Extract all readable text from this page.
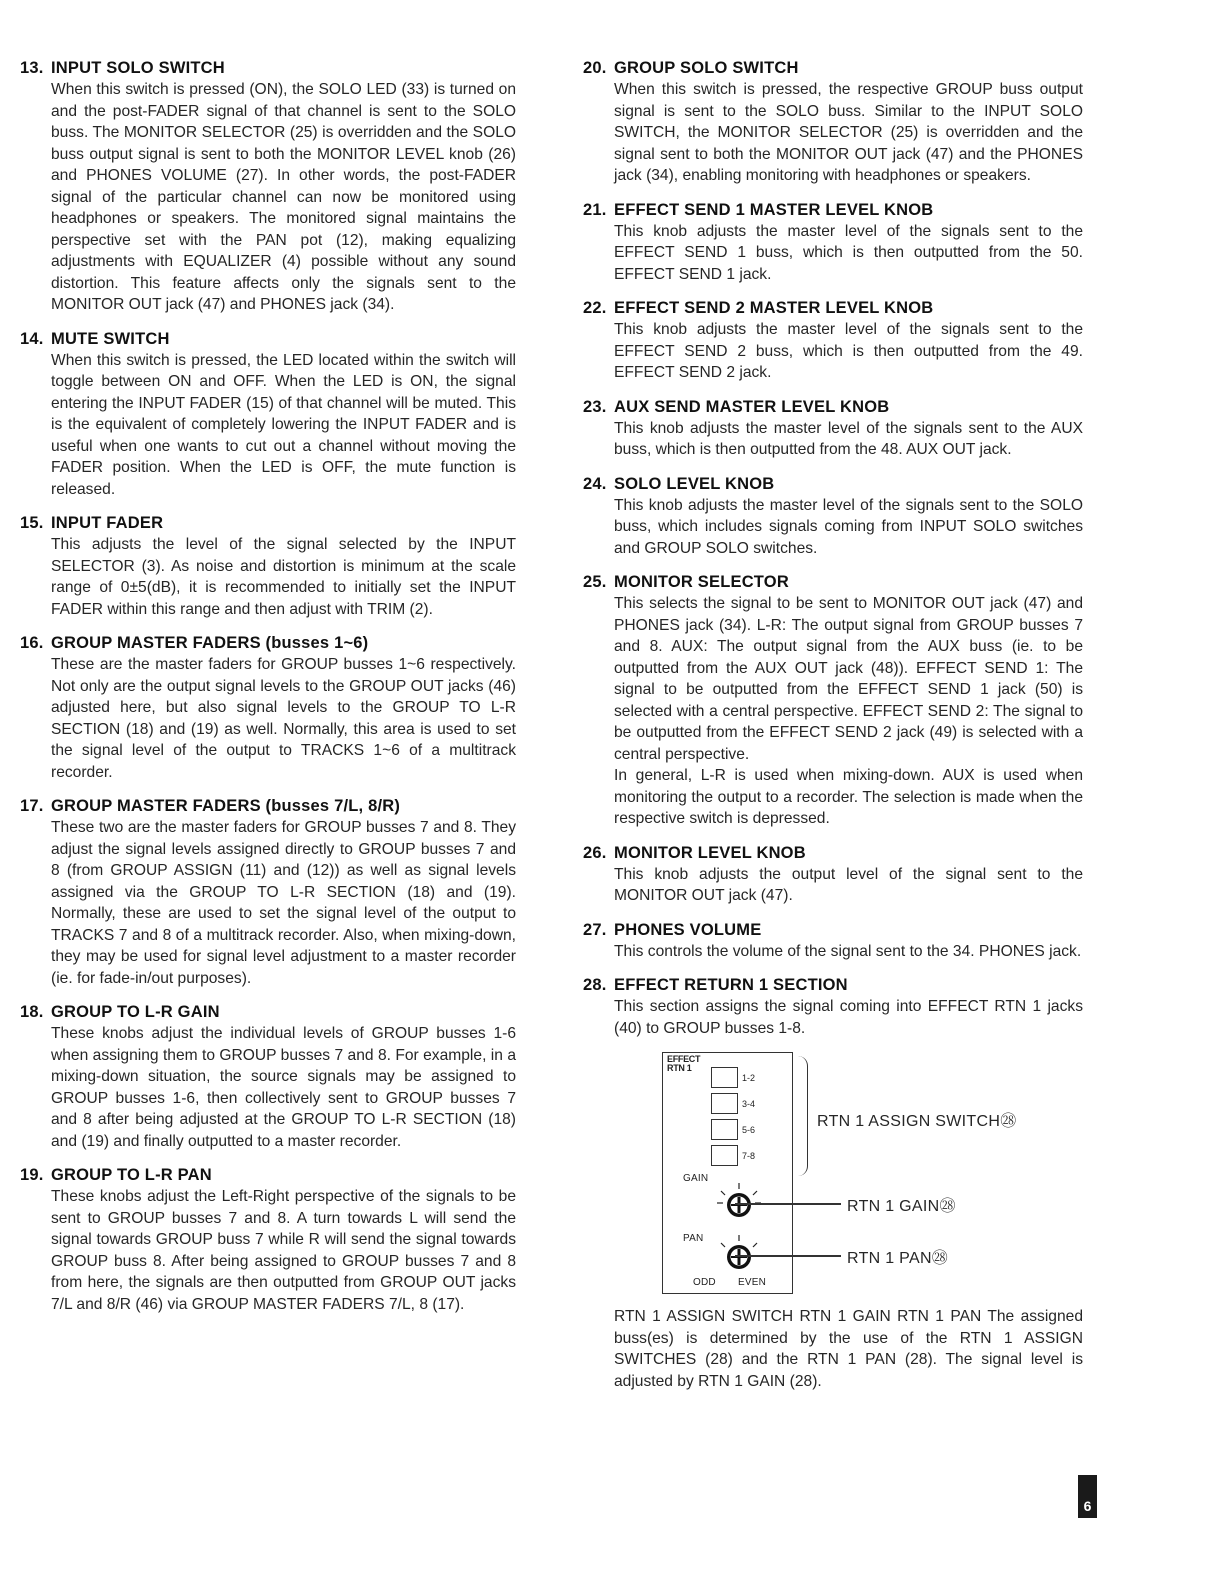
13. INPUT SOLO SWITCH

When this switch is pressed (ON), the SOLO LED (33) is turned on and the post-FADER signal of that channel is sent to the SOLO buss. The MONITOR SELECTOR (25) is overridden and the SOLO buss output signal is sent to both the MONITOR LEVEL knob (26) and PHONES VOLUME (27). In other words, the post-FADER signal of the particular channel can now be monitored using headphones or speakers. The monitored signal maintains the perspective set with the PAN pot (12), making equalizing adjustments with EQUALIZER (4) possible without any sound distortion. This feature affects only the signals sent to the MONITOR OUT jack (47) and PHONES jack (34).

14. MUTE SWITCH

When this switch is pressed, the LED located within the switch will toggle between ON and OFF. When the LED is ON, the signal entering the INPUT FADER (15) of that channel will be muted. This is the equivalent of completely lowering the INPUT FADER and is useful when one wants to cut out a channel without moving the FADER position. When the LED is OFF, the mute function is released.

15. INPUT FADER

This adjusts the level of the signal selected by the INPUT SELECTOR (3). As noise and distortion is minimum at the scale range of 0±5(dB), it is recommended to initially set the INPUT FADER within this range and then adjust with TRIM (2).

16. GROUP MASTER FADERS (busses 1~6)

These are the master faders for GROUP busses 1~6 respectively. Not only are the output signal levels to the GROUP OUT jacks (46) adjusted here, but also signal levels to the GROUP TO L-R SECTION (18) and (19) as well. Normally, this area is used to set the signal level of the output to TRACKS 1~6 of a multitrack recorder.

17. GROUP MASTER FADERS (busses 7/L, 8/R)

These two are the master faders for GROUP busses 7 and 8. They adjust the signal levels assigned directly to GROUP busses 7 and 8 (from GROUP ASSIGN (11) and (12)) as well as signal levels assigned via the GROUP TO L-R SECTION (18) and (19). Normally, these are used to set the signal level of the output to TRACKS 7 and 8 of a multitrack recorder. Also, when mixing-down, they may be used for signal level adjustment to a master recorder (ie. for fade-in/out purposes).

18. GROUP TO L-R GAIN

These knobs adjust the individual levels of GROUP busses 1-6 when assigning them to GROUP busses 7 and 8. For example, in a mixing-down situation, the source signals may be assigned to GROUP busses 1-6, then collectively sent to GROUP busses 7 and 8 after being adjusted at the GROUP TO L-R SECTION (18) and (19) and finally outputted to a master recorder.

19. GROUP TO L-R PAN

These knobs adjust the Left-Right perspective of the signals to be sent to GROUP busses 7 and 8. A turn towards L will send the signal towards GROUP buss 7 while R will send the signal towards GROUP buss 8. After being assigned to GROUP busses 7 and 8 from here, the signals are then outputted from GROUP OUT jacks 7/L and 8/R (46) via GROUP MASTER FADERS 7/L, 8 (17).

20. GROUP SOLO SWITCH

When this switch is pressed, the respective GROUP buss output signal is sent to the SOLO buss. Similar to the INPUT SOLO SWITCH, the MONITOR SELECTOR (25) is overridden and the signal sent to both the MONITOR OUT jack (47) and the PHONES jack (34), enabling monitoring with headphones or speakers.

21. EFFECT SEND 1 MASTER LEVEL KNOB

This knob adjusts the master level of the signals sent to the EFFECT SEND 1 buss, which is then outputted from the 50. EFFECT SEND 1 jack.

22. EFFECT SEND 2 MASTER LEVEL KNOB

This knob adjusts the master level of the signals sent to the EFFECT SEND 2 buss, which is then outputted from the 49. EFFECT SEND 2 jack.

23. AUX SEND MASTER LEVEL KNOB

This knob adjusts the master level of the signals sent to the AUX buss, which is then outputted from the 48. AUX OUT jack.

24. SOLO LEVEL KNOB

This knob adjusts the master level of the signals sent to the SOLO buss, which includes signals coming from INPUT SOLO switches and GROUP SOLO switches.

25. MONITOR SELECTOR

This selects the signal to be sent to MONITOR OUT jack (47) and PHONES jack (34). L-R: The output signal from GROUP busses 7 and 8. AUX: The output signal from the AUX buss (ie. to be outputted from the AUX OUT jack (48)). EFFECT SEND 1: The signal to be outputted from the EFFECT SEND 1 jack (50) is selected with a central perspective. EFFECT SEND 2: The signal to be outputted from the EFFECT SEND 2 jack (49) is selected with a central perspective.

In general, L-R is used when mixing-down. AUX is used when monitoring the output to a recorder. The selection is made when the respective switch is depressed.

26. MONITOR LEVEL KNOB

This knob adjusts the output level of the signal sent to the MONITOR OUT jack (47).

27. PHONES VOLUME

This controls the volume of the signal sent to the 34. PHONES jack.

28. EFFECT RETURN 1 SECTION

This section assigns the signal coming into EFFECT RTN 1 jacks (40) to GROUP busses 1-8.

EFFECT RTN 1
1-2
3-4
5-6
7-8
GAIN
PAN
ODD EVEN
RTN 1 ASSIGN SWITCH㉘
RTN 1 GAIN㉘
RTN 1 PAN㉘

RTN 1 ASSIGN SWITCH RTN 1 GAIN RTN 1 PAN The assigned buss(es) is determined by the use of the RTN 1 ASSIGN SWITCHES (28) and the RTN 1 PAN (28). The signal level is adjusted by RTN 1 GAIN (28).

6
